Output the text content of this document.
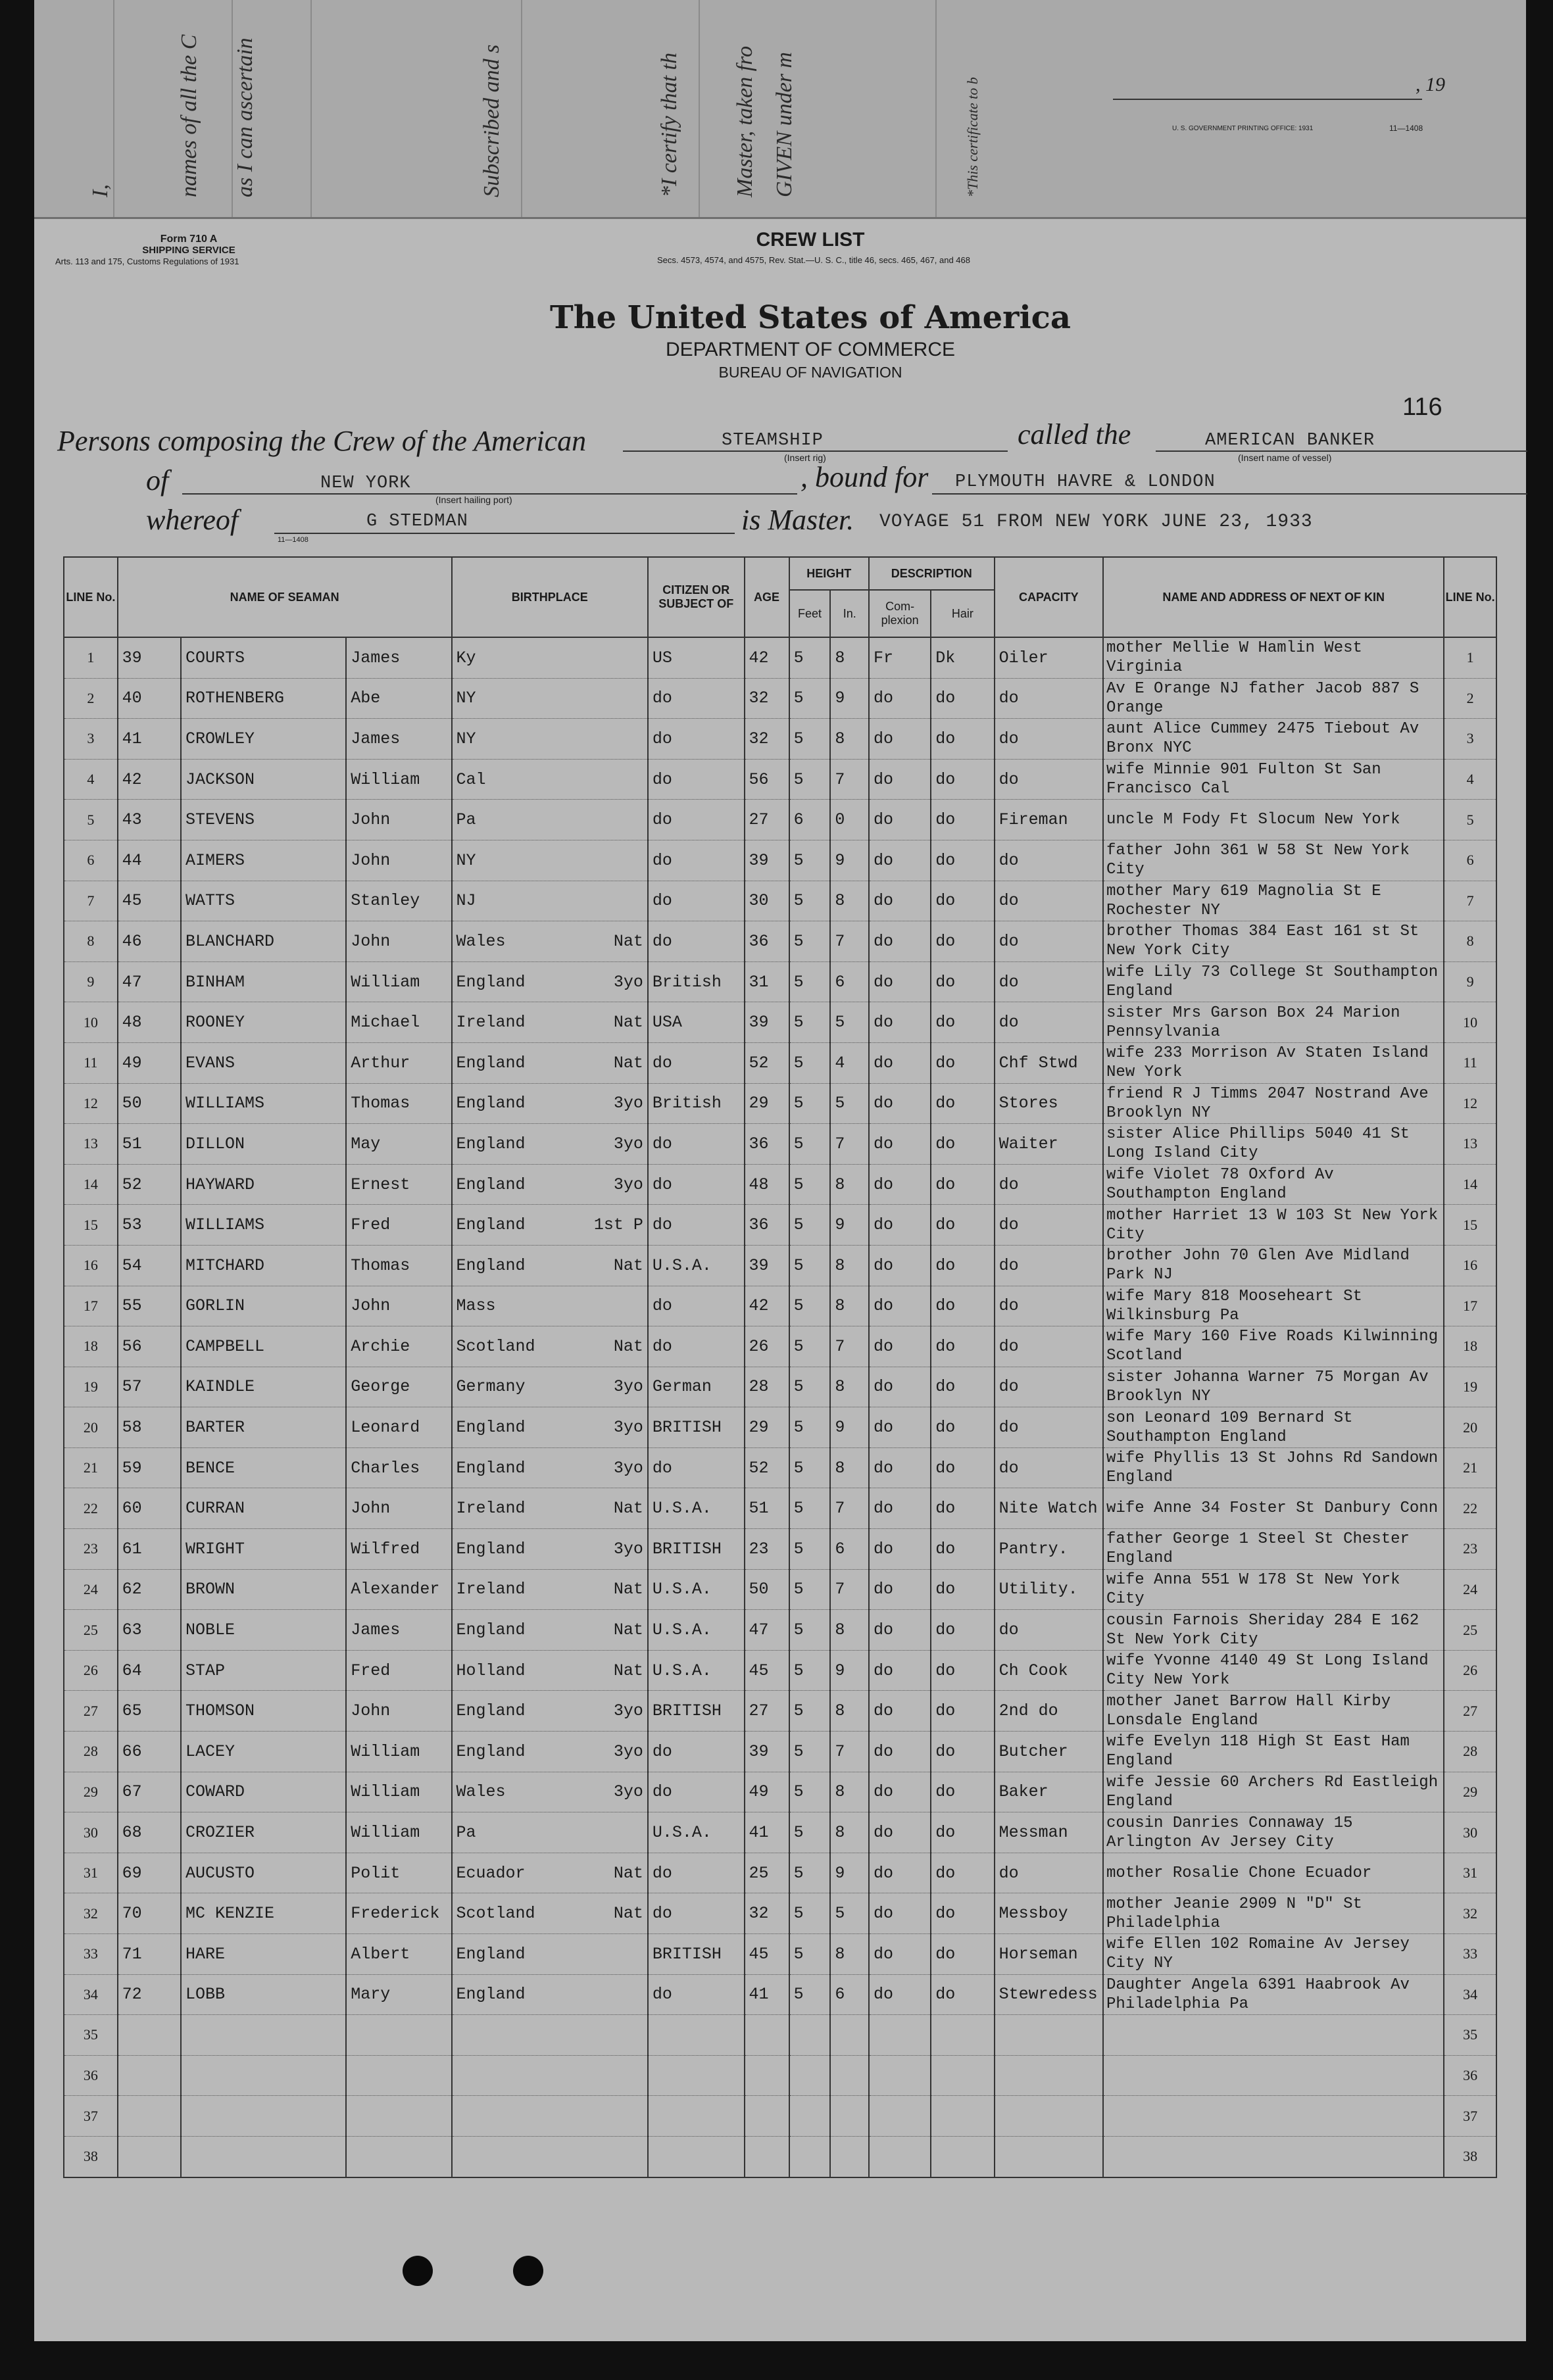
I,	names of all the C as I can ascertain	Subscribed and s	*I certify that th Master, taken fro GIVEN under m	*This certificate to b	, 19
U. S. GOVERNMENT PRINTING OFFICE: 1931	11—1408
Form 710 A
SHIPPING SERVICE
Arts. 113 and 175, Customs Regulations of 1931
CREW LIST
Secs. 4573, 4574, and 4575, Rev. Stat.—U. S. C., title 46, secs. 465, 467, and 468
The United States of America
DEPARTMENT OF COMMERCE
BUREAU OF NAVIGATION
116
Persons composing the Crew of the American	STEAMSHIP
(Insert rig)
called the	AMERICAN BANKER
(Insert name of vessel)
of	NEW YORK
(Insert hailing port)
, bound for PLYMOUTH HAVRE & LONDON
whereof	G STEDMAN	is Master. VOYAGE 51 FROM NEW YORK JUNE 23, 1933
11—1408
LINE No.	NAME OF SEAMAN			BIRTHPLACE	CITIZEN OR SUBJECT OF	AGE	HEIGHT		DESCRIPTION		CAPACITY	NAME AND ADDRESS OF NEXT OF KIN	LINE No.
							Feet	In.	Com-plexion	Hair			
1	39	COURTS	James	Ky	US	42	5	8	Fr	Dk	Oiler	mother Mellie W Hamlin West Virginia	1
2	40	ROTHENBERG	Abe	NY	do	32	5	9	do	do	do	Av E Orange NJ father Jacob 887 S Orange	2
3	41	CROWLEY	James	NY	do	32	5	8	do	do	do	aunt Alice Cummey 2475 Tiebout Av Bronx NYC	3
4	42	JACKSON	William	Cal	do	56	5	7	do	do	do	wife Minnie 901 Fulton St San Francisco Cal	4
5	43	STEVENS	John	Pa	do	27	6	0	do	do	Fireman	uncle M Fody Ft Slocum New York	5
6	44	AIMERS	John	NY	do	39	5	9	do	do	do	father John 361 W 58 St New York City	6
7	45	WATTS	Stanley	NJ	do	30	5	8	do	do	do	mother Mary 619 Magnolia St E Rochester NY	7
8	46	BLANCHARD	John	Wales Nat	do	36	5	7	do	do	do	brother Thomas 384 East 161 st St New York City	8
9	47	BINHAM	William	England 3yo	British	31	5	6	do	do	do	wife Lily 73 College St Southampton England	9
10	48	ROONEY	Michael	Ireland Nat	USA	39	5	5	do	do	do	sister Mrs Garson Box 24 Marion Pennsylvania	10
11	49	EVANS	Arthur	England Nat	do	52	5	4	do	do	Chf Stwd	wife 233 Morrison Av Staten Island New York	11
12	50	WILLIAMS	Thomas	England 3yo	British	29	5	5	do	do	Stores	friend R J Timms 2047 Nostrand Ave Brooklyn NY	12
13	51	DILLON	May	England 3yo	do	36	5	7	do	do	Waiter	sister Alice Phillips 5040 41 St Long Island City	13
14	52	HAYWARD	Ernest	England 3yo	do	48	5	8	do	do	do	wife Violet 78 Oxford Av Southampton England	14
15	53	WILLIAMS	Fred	England 1st P	do	36	5	9	do	do	do	mother Harriet 13 W 103 St New York City	15
16	54	MITCHARD	Thomas	England Nat	U.S.A.	39	5	8	do	do	do	brother John 70 Glen Ave Midland Park NJ	16
17	55	GORLIN	John	Mass	do	42	5	8	do	do	do	wife Mary 818 Mooseheart St Wilkinsburg Pa	17
18	56	CAMPBELL	Archie	Scotland Nat	do	26	5	7	do	do	do	wife Mary 160 Five Roads Kilwinning Scotland	18
19	57	KAINDLE	George	Germany 3yo	German	28	5	8	do	do	do	sister Johanna Warner 75 Morgan Av Brooklyn NY	19
20	58	BARTER	Leonard	England 3yo	BRITISH	29	5	9	do	do	do	son Leonard 109 Bernard St Southampton England	20
21	59	BENCE	Charles	England 3yo	do	52	5	8	do	do	do	wife Phyllis 13 St Johns Rd Sandown England	21
22	60	CURRAN	John	Ireland Nat	U.S.A.	51	5	7	do	do	Nite Watch	wife Anne 34 Foster St Danbury Conn	22
23	61	WRIGHT	Wilfred	England 3yo	BRITISH	23	5	6	do	do	Pantry.	father George 1 Steel St Chester England	23
24	62	BROWN	Alexander	Ireland Nat	U.S.A.	50	5	7	do	do	Utility.	wife Anna 551 W 178 St New York City	24
25	63	NOBLE	James	England Nat	U.S.A.	47	5	8	do	do	do	cousin Farnois Sheriday 284 E 162 St New York City	25
26	64	STAP	Fred	Holland Nat	U.S.A.	45	5	9	do	do	Ch Cook	wife Yvonne 4140 49 St Long Island City New York	26
27	65	THOMSON	John	England 3yo	BRITISH	27	5	8	do	do	2nd do	mother Janet Barrow Hall Kirby Lonsdale England	27
28	66	LACEY	William	England 3yo	do	39	5	7	do	do	Butcher	wife Evelyn 118 High St East Ham England	28
29	67	COWARD	William	Wales 3yo	do	49	5	8	do	do	Baker	wife Jessie 60 Archers Rd Eastleigh England	29
30	68	CROZIER	William	Pa	U.S.A.	41	5	8	do	do	Messman	cousin Danries Connaway 15 Arlington Av Jersey City	30
31	69	AUCUSTO	Polit	Ecuador Nat	do	25	5	9	do	do	do	mother Rosalie Chone Ecuador	31
32	70	MC KENZIE	Frederick	Scotland Nat	do	32	5	5	do	do	Messboy	mother Jeanie 2909 N "D" St Philadelphia	32
33	71	HARE	Albert	England	BRITISH	45	5	8	do	do	Horseman	wife Ellen 102 Romaine Av Jersey City NY	33
34	72	LOBB	Mary	England	do	41	5	6	do	do	Stewredess	Daughter Angela 6391 Haabrook Av Philadelphia Pa	34
35													35
36													36
37													37
38													38
